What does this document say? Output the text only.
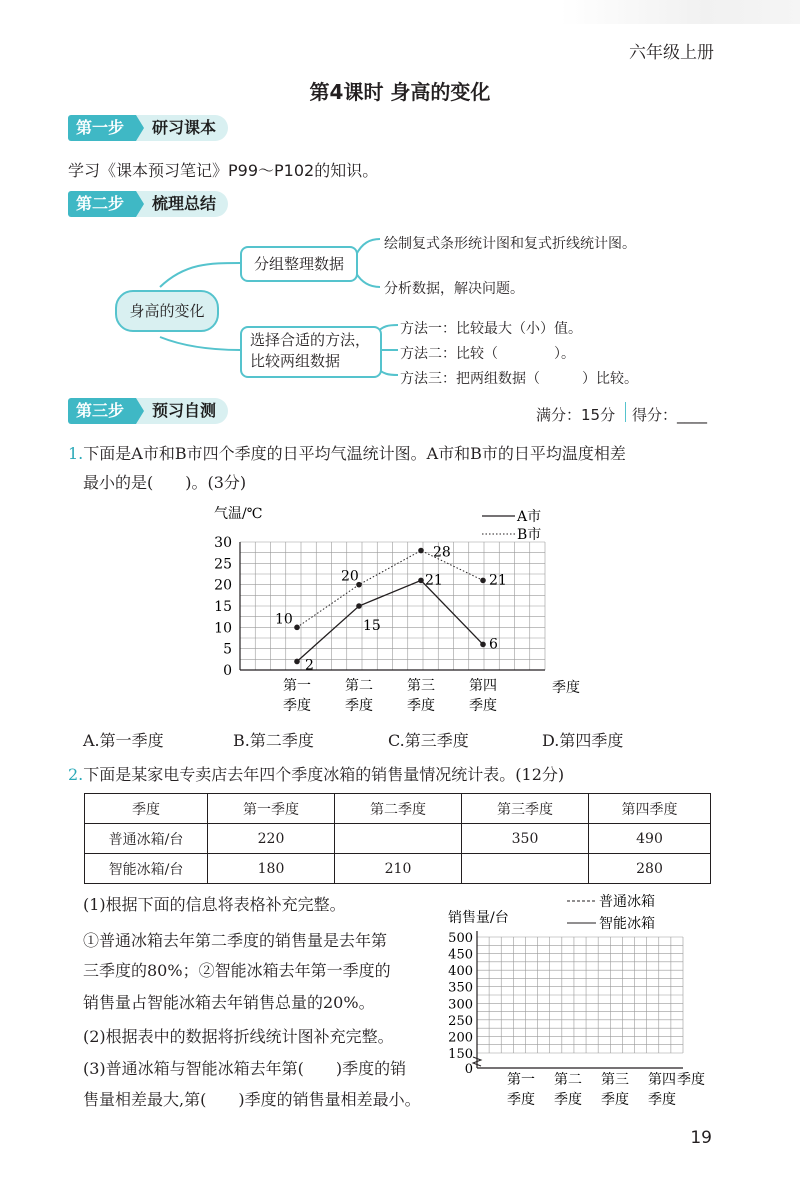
六年级上册
第4课时 身高的变化
第一步	研习课本
学习《课本预习笔记》P99～P102的知识。
第二步	梳理总结
身高的变化
分组整理数据
选择合适的方法，
比较两组数据
绘制复式条形统计图和复式折线统计图。
分析数据，解决问题。
方法一：比较最大（小）值。
方法二：比较（　　　　）。
方法三：把两组数据（　　　）比较。
第三步	预习自测	满分：15分 得分：____
1.下面是A市和B市四个季度的日平均气温统计图。A市和B市的日平均温度相差
最小的是(　　)。(3分)
0
5
10
15
20
25
30
气温/℃
第一
季度
第二
季度
第三
季度
第四
季度
季度
A市
B市
2
15
21
6
10
20
28
21
A.第一季度	B.第二季度	C.第三季度	D.第四季度
2.下面是某家电专卖店去年四个季度冰箱的销售量情况统计表。(12分)
季度	第一季度	第二季度	第三季度	第四季度
普通冰箱/台	220		350	490
智能冰箱/台	180	210		280
(1)根据下面的信息将表格补充完整。
①普通冰箱去年第二季度的销售量是去年第
三季度的80%；②智能冰箱去年第一季度的
销售量占智能冰箱去年销售总量的20%。
(2)根据表中的数据将折线统计图补充完整。
(3)普通冰箱与智能冰箱去年第(　　)季度的销
售量相差最大,第(　　)季度的销售量相差最小。
0
150
200
250
300
350
400
450
500
销售量/台
第一
季度
第二
季度
第三
季度
第四
季度
季度
普通冰箱
智能冰箱
19
